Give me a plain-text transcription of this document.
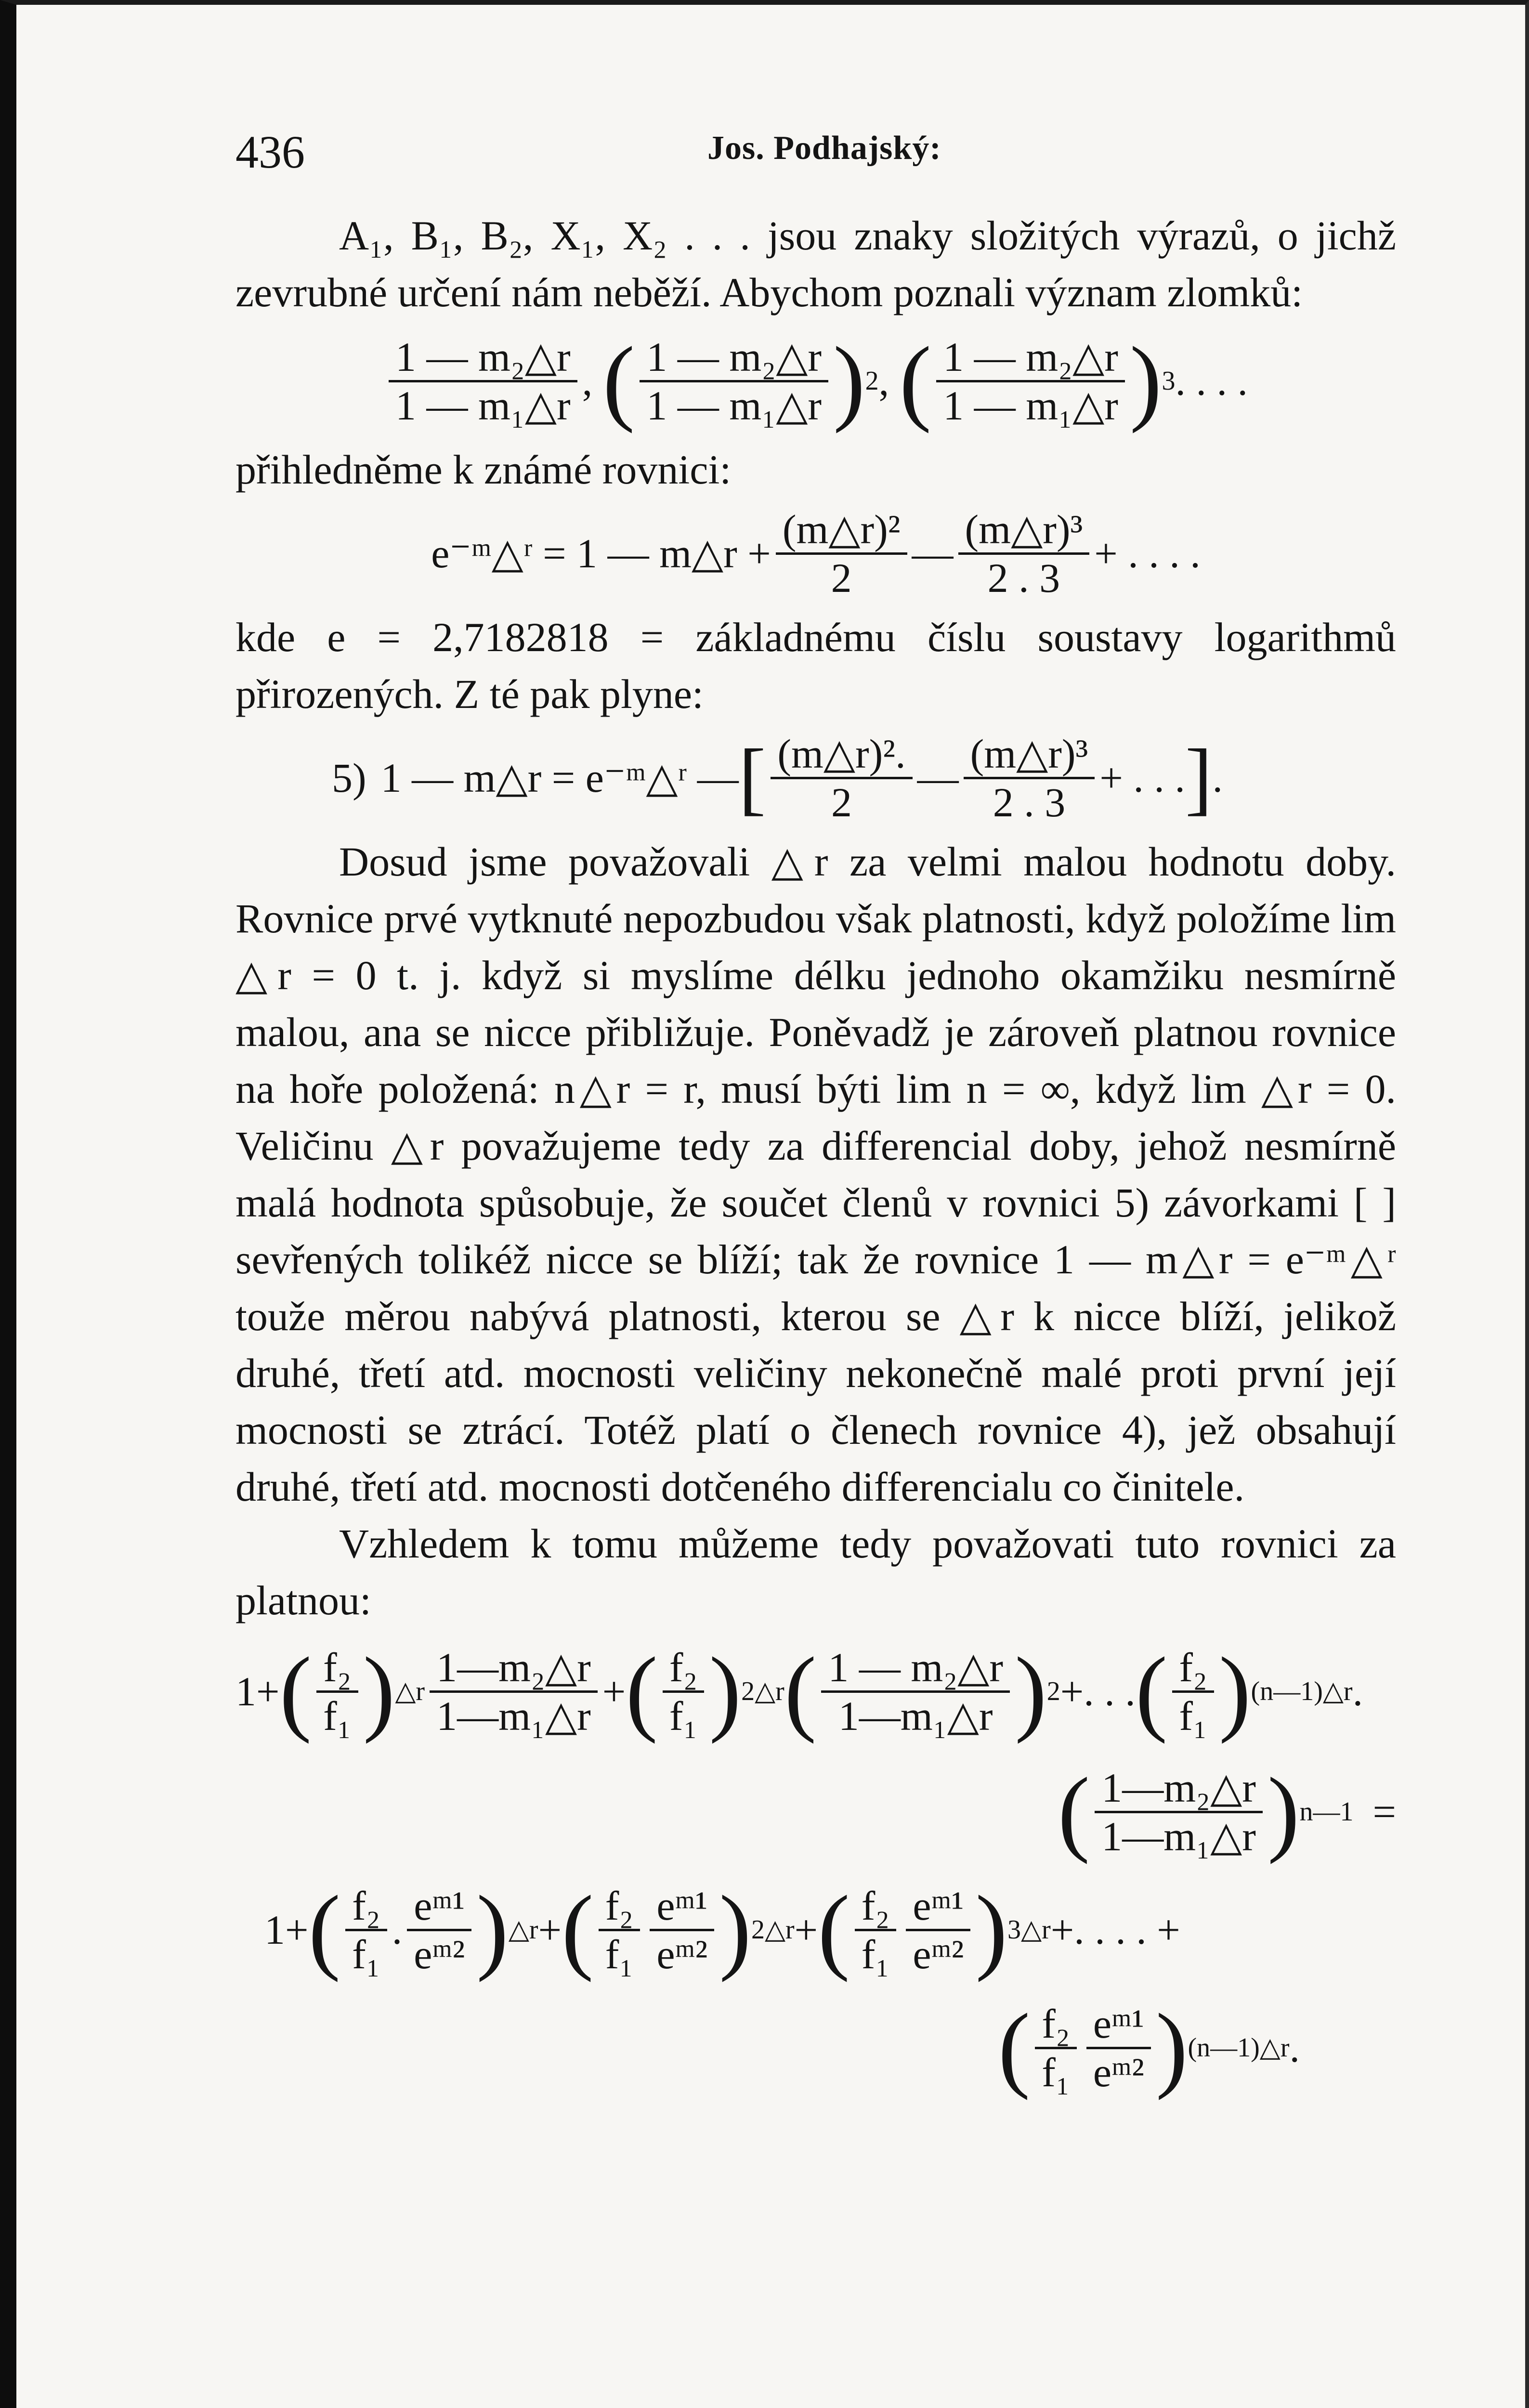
436	Jos. Podhajský:

A₁, B₁, B₂, X₁, X₂ . . . jsou znaky složitých výrazů, o jichž zevrubné určení nám neběží. Abychom poznali význam zlomků:

$\frac{\text{1 — m₂△r}}{\text{1 — m₁△r}}$ , ( $\frac{\text{1 — m₂△r}}{\text{1 — m₁△r}}$ ) 2 , ( $\frac{\text{1 — m₂△r}}{\text{1 — m₁△r}}$ ) 3 . . . .

přihledněme k známé rovnici:

e⁻ᵐ△ʳ = 1 — m△r + $\frac{\text{(m△r)²}}{2}$ — $\frac{\text{(m△r)³}}{2 . 3}$ + . . . .

kde e = 2,7182818 = základnému číslu soustavy logarithmů přirozených. Z té pak plyne:

5) 1 — m△r = e⁻ᵐ△ʳ — [ $\frac{\text{(m△r)².}}{2}$ — $\frac{\text{(m△r)³}}{2 . 3}$ + . . . ] .

Dosud jsme považovali △r za velmi malou hodnotu doby. Rovnice prvé vytknuté nepozbudou však platnosti, když položíme lim △r = 0 t. j. když si myslíme délku jednoho okamžiku nesmírně malou, ana se nicce přibližuje. Poněvadž je zároveň platnou rovnice na hoře položená: n△r = r, musí býti lim n = ∞, když lim △r = 0. Veličinu △r považujeme tedy za differencial doby, jehož nesmírně malá hodnota spůsobuje, že součet členů v rovnici 5) závorkami [ ] sevřených tolikéž nicce se blíží; tak že rovnice 1 — m△r = e⁻ᵐ△ʳ touže měrou nabývá platnosti, kterou se △r k nicce blíží, jelikož druhé, třetí atd. mocnosti veličiny nekonečně malé proti první její mocnosti se ztrácí. Totéž platí o členech rovnice 4), jež obsahují druhé, třetí atd. mocnosti dotčeného differencialu co činitele.

Vzhledem k tomu můžeme tedy považovati tuto rovnici za platnou:

1+ ( $\frac{\text{f₂}}{\text{f₁}}$ ) △r $\frac{\text{1—m₂△r}}{\text{1—m₁△r}}$ + ( $\frac{\text{f₂}}{\text{f₁}}$ ) 2△r ( $\frac{\text{1 — m₂△r}}{\text{1—m₁△r}}$ ) 2 +. . . ( $\frac{\text{f₂}}{\text{f₁}}$ ) (n—1)△r .
( $\frac{\text{1—m₂△r}}{\text{1—m₁△r}}$ ) n—1 =
1+ ( $\frac{\text{f₂}}{\text{f₁}}$ . $\frac{\text{eᵐ¹}}{\text{eᵐ²}}$ ) △r + ( $\frac{\text{f₂}}{\text{f₁}} \frac{\text{eᵐ¹}}{\text{eᵐ²}}$ ) 2△r + ( $\frac{\text{f₂}}{\text{f₁}} \frac{\text{eᵐ¹}}{\text{eᵐ²}}$ ) 3△r +. . . . +
( $\frac{\text{f₂}}{\text{f₁}} \frac{\text{eᵐ¹}}{\text{eᵐ²}}$ ) (n—1)△r .
